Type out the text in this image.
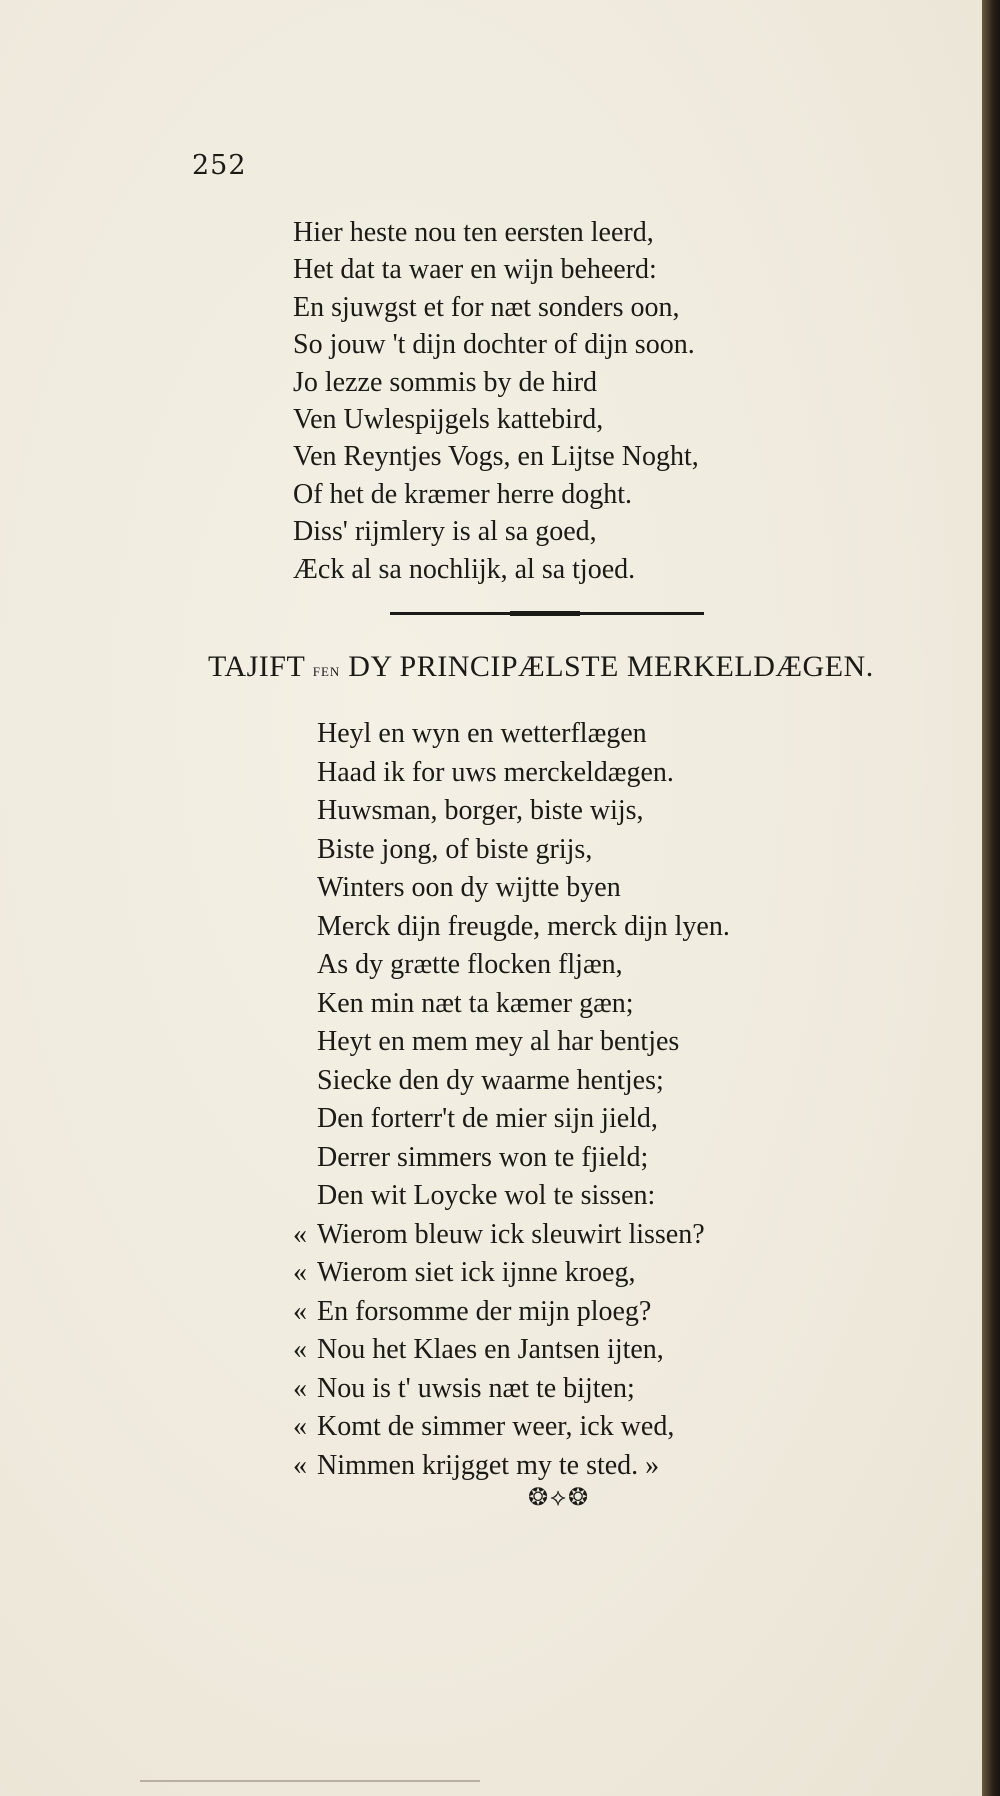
252
Hier heste nou ten eersten leerd,
Het dat ta waer en wijn beheerd:
En sjuwgst et for næt sonders oon,
So jouw 't dijn dochter of dijn soon.
Jo lezze sommis by de hird
Ven Uwlespijgels kattebird,
Ven Reyntjes Vogs, en Lijtse Noght,
Of het de kræmer herre doght.
Diss' rijmlery is al sa goed,
Æck al sa nochlijk, al sa tjoed.
TAJIFT FEN DY PRINCIPÆLSTE MERKELDÆGEN.
Heyl en wyn en wetterflægen
Haad ik for uws merckeldægen.
Huwsman, borger, biste wijs,
Biste jong, of biste grijs,
Winters oon dy wijtte byen
Merck dijn freugde, merck dijn lyen.
As dy grætte flocken fljæn,
Ken min næt ta kæmer gæn;
Heyt en mem mey al har bentjes
Siecke den dy waarme hentjes;
Den forterr't de mier sijn jield,
Derrer simmers won te fjield;
Den wit Loycke wol te sissen:
« Wierom bleuw ick sleuwirt lissen?
« Wierom siet ick ijnne kroeg,
« En forsomme der mijn ploeg?
« Nou het Klaes en Jantsen ijten,
« Nou is t' uwsis næt te bijten;
« Komt de simmer weer, ick wed,
« Nimmen krijgget my te sted. »
❂⟡❂
